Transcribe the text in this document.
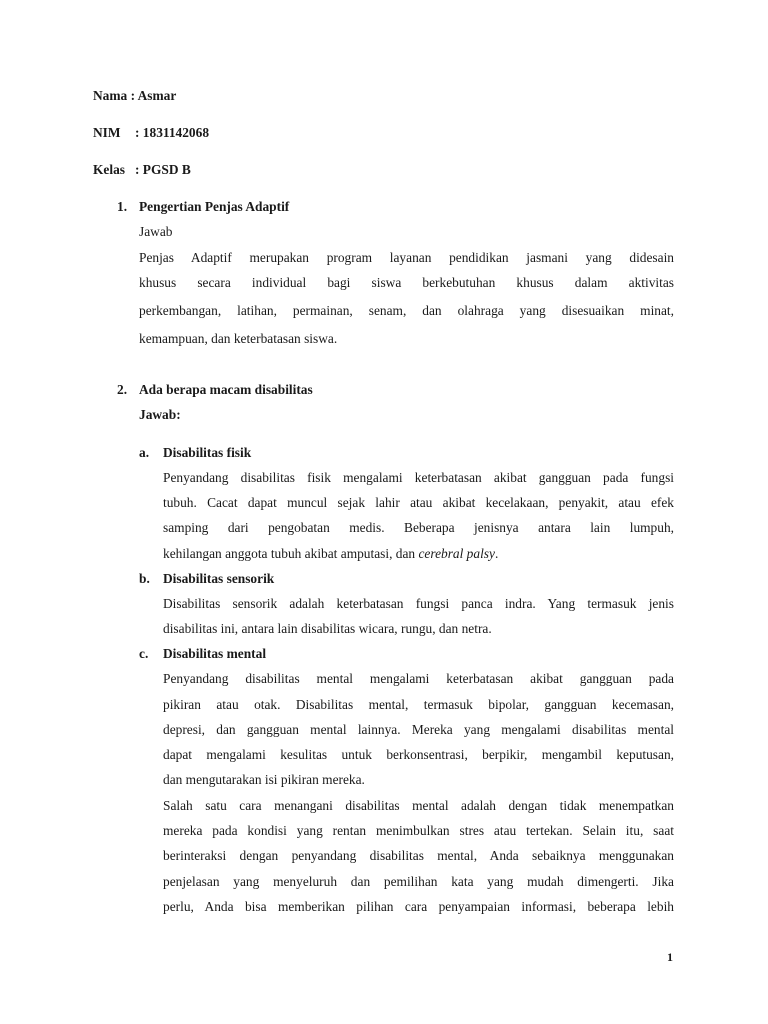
Nama : Asmar
NIM : 1831142068
Kelas : PGSD B
1. Pengertian Penjas Adaptif
Jawab
Penjas Adaptif merupakan program layanan pendidikan jasmani yang didesain
khusus secara individual bagi siswa berkebutuhan khusus dalam aktivitas
perkembangan, latihan, permainan, senam, dan olahraga yang disesuaikan minat,
kemampuan, dan keterbatasan siswa.
2. Ada berapa macam disabilitas
Jawab:
a. Disabilitas fisik
Penyandang disabilitas fisik mengalami keterbatasan akibat gangguan pada fungsi
tubuh. Cacat dapat muncul sejak lahir atau akibat kecelakaan, penyakit, atau efek
samping dari pengobatan medis. Beberapa jenisnya antara lain lumpuh,
kehilangan anggota tubuh akibat amputasi, dan cerebral palsy.
b. Disabilitas sensorik
Disabilitas sensorik adalah keterbatasan fungsi panca indra. Yang termasuk jenis
disabilitas ini, antara lain disabilitas wicara, rungu, dan netra.
c. Disabilitas mental
Penyandang disabilitas mental mengalami keterbatasan akibat gangguan pada
pikiran atau otak. Disabilitas mental, termasuk bipolar, gangguan kecemasan,
depresi, dan gangguan mental lainnya. Mereka yang mengalami disabilitas mental
dapat mengalami kesulitas untuk berkonsentrasi, berpikir, mengambil keputusan,
dan mengutarakan isi pikiran mereka.
Salah satu cara menangani disabilitas mental adalah dengan tidak menempatkan
mereka pada kondisi yang rentan menimbulkan stres atau tertekan. Selain itu, saat
berinteraksi dengan penyandang disabilitas mental, Anda sebaiknya menggunakan
penjelasan yang menyeluruh dan pemilihan kata yang mudah dimengerti. Jika
perlu, Anda bisa memberikan pilihan cara penyampaian informasi, beberapa lebih
1
